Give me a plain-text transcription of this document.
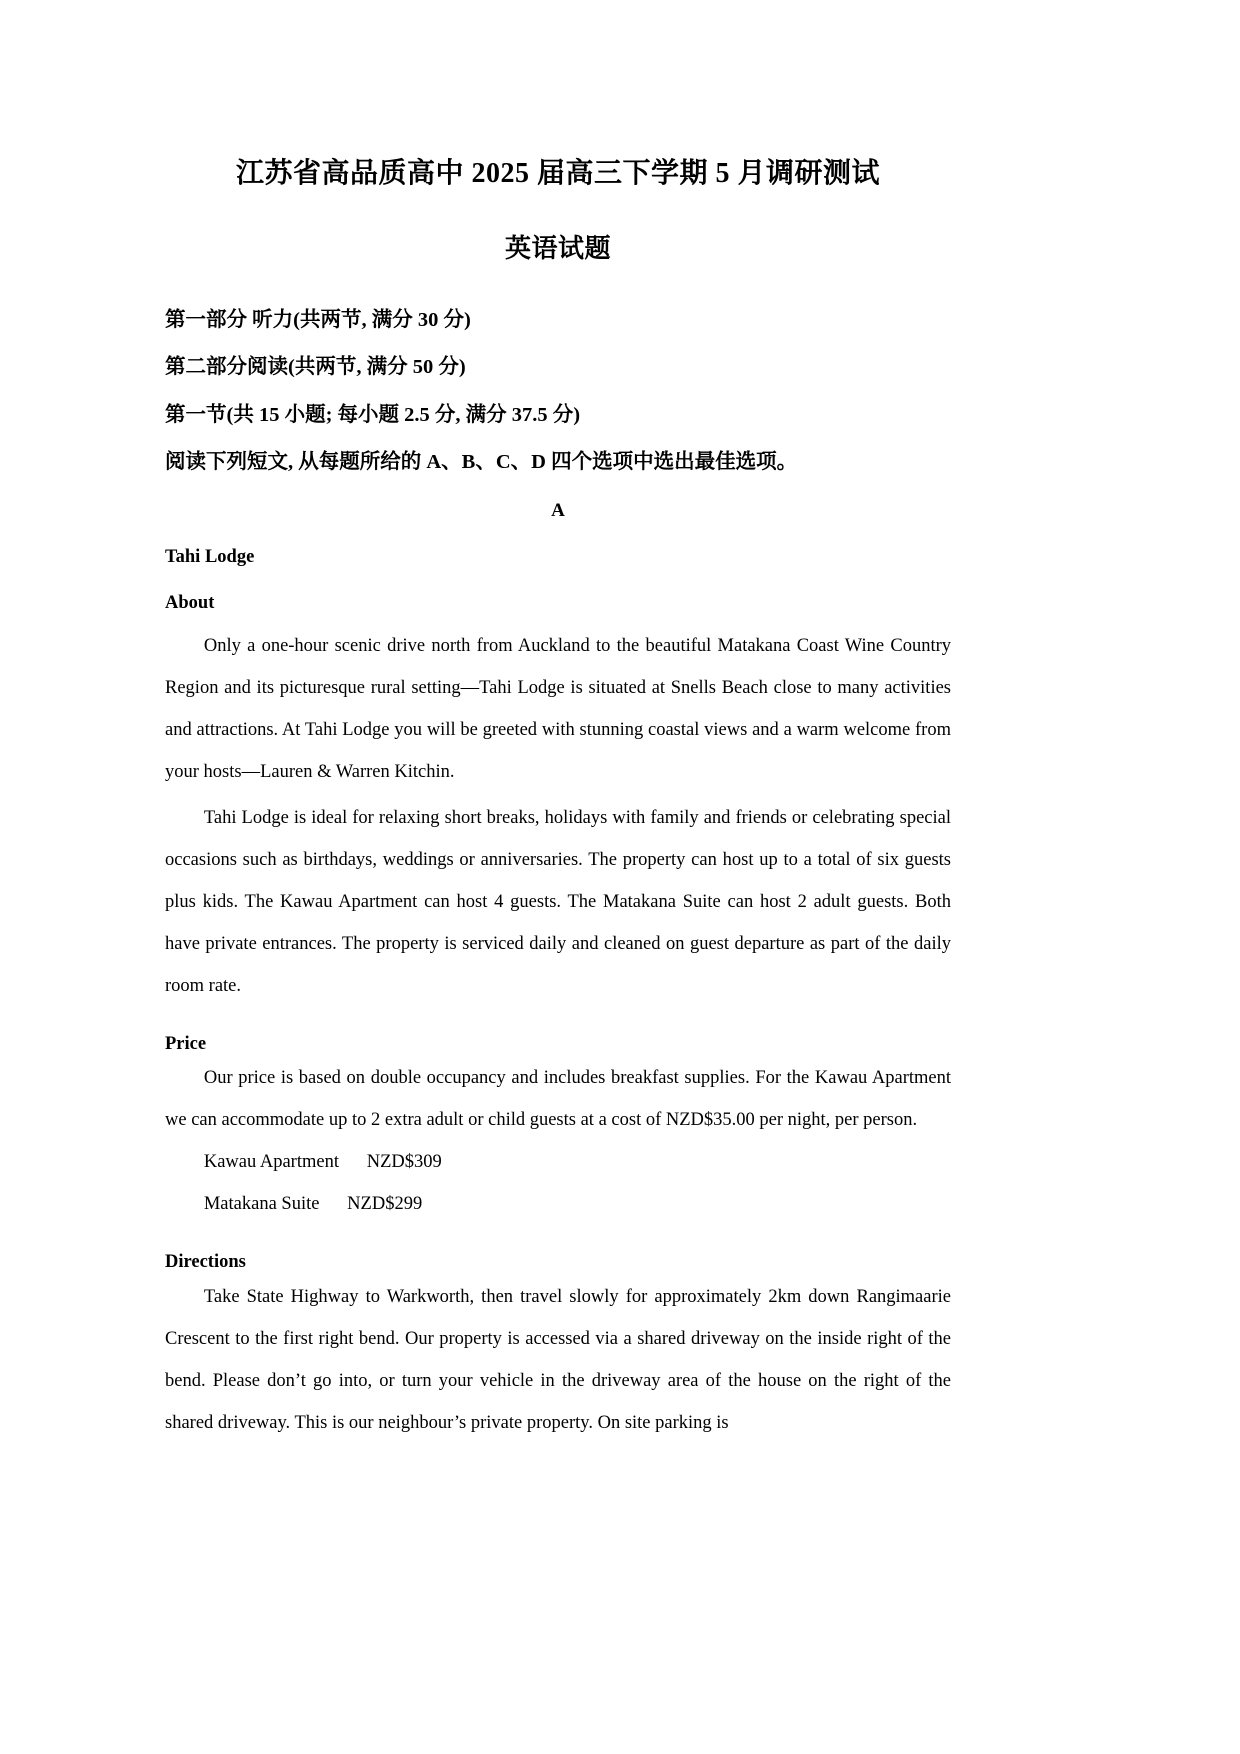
江苏省高品质高中 2025 届高三下学期 5 月调研测试
英语试题

第一部分 听力(共两节, 满分 30 分)

第二部分阅读(共两节, 满分 50 分)

第一节(共 15 小题; 每小题 2.5 分, 满分 37.5 分)

阅读下列短文, 从每题所给的 A、B、C、D 四个选项中选出最佳选项。

A

Tahi Lodge

About

Only a one-hour scenic drive north from Auckland to the beautiful Matakana Coast Wine Country Region and its picturesque rural setting—Tahi Lodge is situated at Snells Beach close to many activities and attractions. At Tahi Lodge you will be greeted with stunning coastal views and a warm welcome from your hosts—Lauren & Warren Kitchin.

Tahi Lodge is ideal for relaxing short breaks, holidays with family and friends or celebrating special occasions such as birthdays, weddings or anniversaries. The property can host up to a total of six guests plus kids. The Kawau Apartment can host 4 guests. The Matakana Suite can host 2 adult guests. Both have private entrances. The property is serviced daily and cleaned on guest departure as part of the daily room rate.

Price

Our price is based on double occupancy and includes breakfast supplies. For the Kawau Apartment we can accommodate up to 2 extra adult or child guests at a cost of NZD$35.00 per night, per person.

Kawau Apartment      NZD$309

Matakana Suite      NZD$299

Directions

Take State Highway to Warkworth, then travel slowly for approximately 2km down Rangimaarie Crescent to the first right bend. Our property is accessed via a shared driveway on the inside right of the bend. Please don’t go into, or turn your vehicle in the driveway area of the house on the right of the shared driveway. This is our neighbour’s private property. On site parking is
